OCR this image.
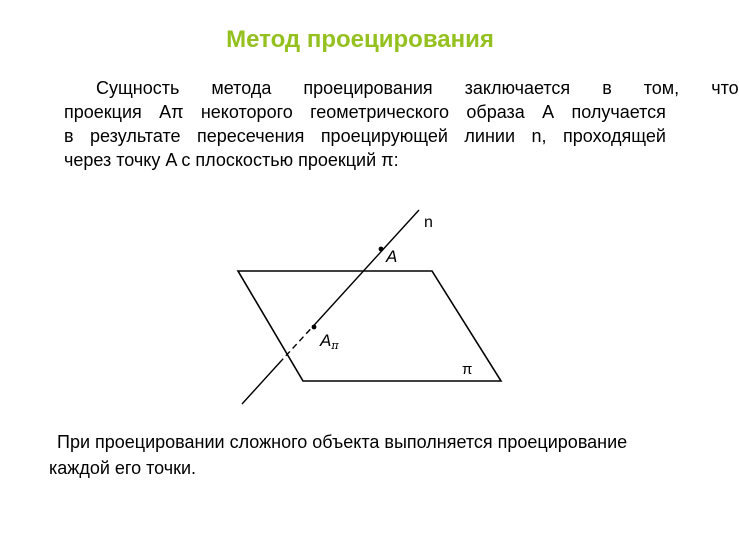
Метод проецирования
Сущность	метода	проецирования	заключается	в	том,	что
проекция Aπ некоторого геометрического образа A получается
в результате пересечения проецирующей линии n, проходящей
через точку A с плоскостью проекций π:
n
A
Aπ
π
При проецировании сложного объекта выполняется проецирование
каждой его точки.
